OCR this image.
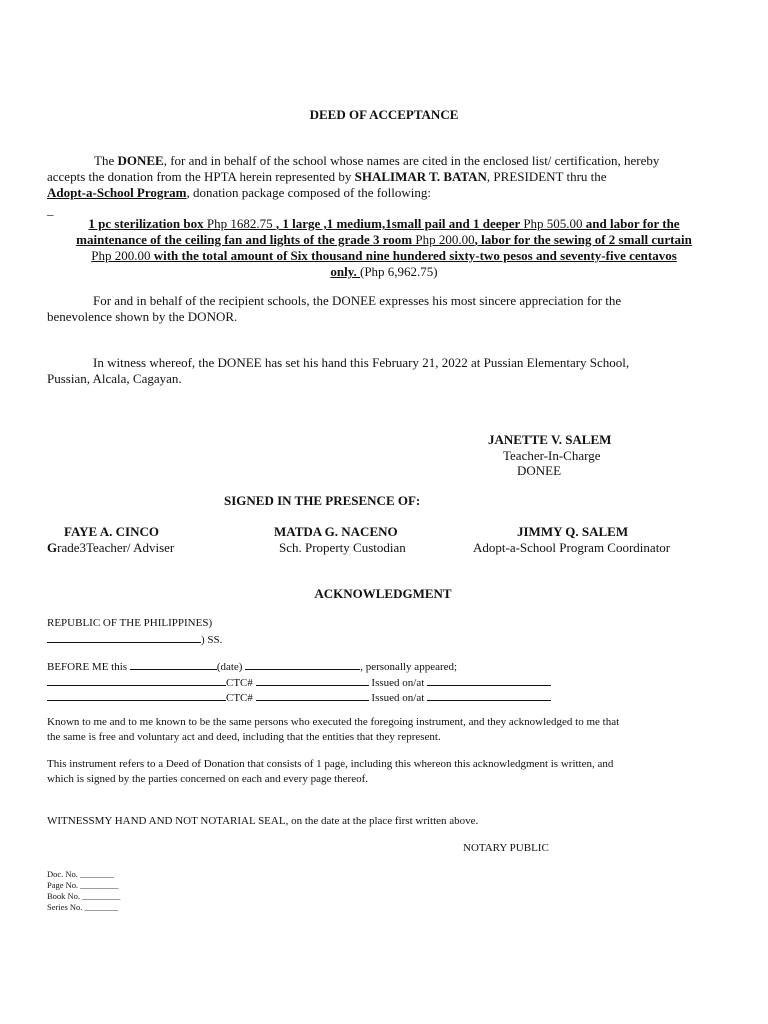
DEED OF ACCEPTANCE
The DONEE, for and in behalf of the school whose names are cited in the enclosed list/ certification, hereby
accepts the donation from the HPTA herein represented by SHALIMAR T. BATAN, PRESIDENT thru the
Adopt-a-School Program, donation package composed of the following:
_
1 pc sterilization box Php 1682.75 , 1 large ,1 medium,1small pail and 1 deeper Php 505.00 and labor for the
maintenance of the ceiling fan and lights of the grade 3 room Php 200.00, labor for the sewing of 2 small curtain
Php 200.00 with the total amount of Six thousand nine hundered sixty-two pesos and seventy-five centavos
only. (Php 6,962.75)
For and in behalf of the recipient schools, the DONEE expresses his most sincere appreciation for the
benevolence shown by the DONOR.
In witness whereof, the DONEE has set his hand this February 21, 2022 at Pussian Elementary School,
Pussian, Alcala, Cagayan.
JANETTE V. SALEM
Teacher-In-Charge
DONEE
SIGNED IN THE PRESENCE OF:
FAYE A. CINCO
Grade3Teacher/ Adviser
MATDA G. NACENO
Sch. Property Custodian
JIMMY Q. SALEM
Adopt-a-School Program Coordinator
ACKNOWLEDGMENT
REPUBLIC OF THE PHILIPPINES)
) SS.
BEFORE ME this	(date)	, personally appeared;
CTC#	Issued on/at
CTC#	Issued on/at
Known to me and to me known to be the same persons who executed the foregoing instrument, and they acknowledged to me that
the same is free and voluntary act and deed, including that the entities that they represent.
This instrument refers to a Deed of Donation that consists of 1 page, including this whereon this acknowledgment is written, and
which is signed by the parties concerned on each and every page thereof.
WITNESSMY HAND AND NOT NOTARIAL SEAL, on the date at the place first written above.
NOTARY PUBLIC
Doc. No. ________
Page No. _________
Book No. _________
Series No. ________
